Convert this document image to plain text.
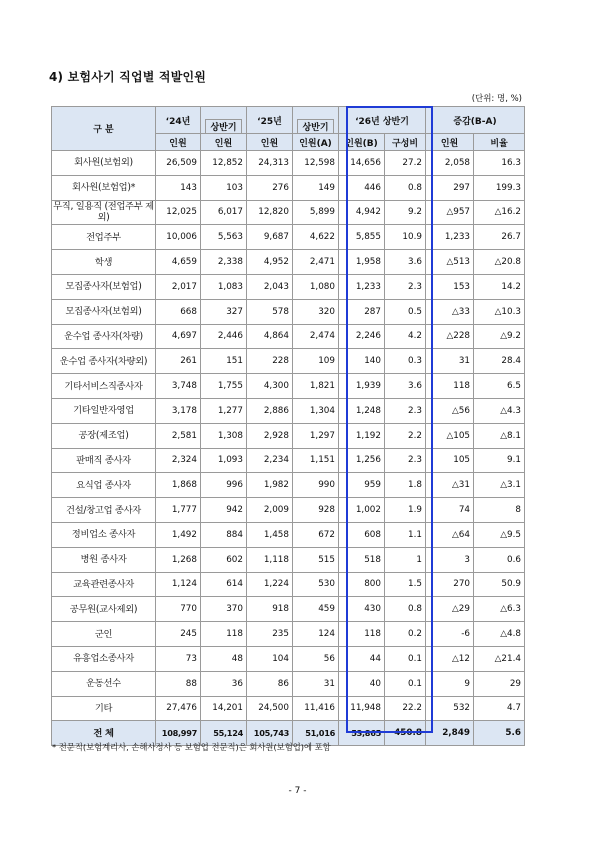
4) 보험사기 직업별 적발인원
(단위: 명, %)
구 분	‘24년	상반기	‘25년	상반기	‘26년 상반기		증감(B-A)	
	인원	인원	인원	인원(A)	인원(B)	구성비	인원	비율
회사원(보험외)	26,509	12,852	24,313	12,598	14,656	27.2	2,058	16.3
회사원(보험업)*	143	103	276	149	446	0.8	297	199.3
무직, 일용직 (전업주부 제외)	12,025	6,017	12,820	5,899	4,942	9.2	△957	△16.2
전업주부	10,006	5,563	9,687	4,622	5,855	10.9	1,233	26.7
학생	4,659	2,338	4,952	2,471	1,958	3.6	△513	△20.8
모집종사자(보험업)	2,017	1,083	2,043	1,080	1,233	2.3	153	14.2
모집종사자(보험외)	668	327	578	320	287	0.5	△33	△10.3
운수업 종사자(차량)	4,697	2,446	4,864	2,474	2,246	4.2	△228	△9.2
운수업 종사자(차량외)	261	151	228	109	140	0.3	31	28.4
기타서비스직종사자	3,748	1,755	4,300	1,821	1,939	3.6	118	6.5
기타일반자영업	3,178	1,277	2,886	1,304	1,248	2.3	△56	△4.3
공장(제조업)	2,581	1,308	2,928	1,297	1,192	2.2	△105	△8.1
판매직 종사자	2,324	1,093	2,234	1,151	1,256	2.3	105	9.1
요식업 종사자	1,868	996	1,982	990	959	1.8	△31	△3.1
건설/창고업 종사자	1,777	942	2,009	928	1,002	1.9	74	8
정비업소 종사자	1,492	884	1,458	672	608	1.1	△64	△9.5
병원 종사자	1,268	602	1,118	515	518	1	3	0.6
교육관련종사자	1,124	614	1,224	530	800	1.5	270	50.9
공무원(교사제외)	770	370	918	459	430	0.8	△29	△6.3
군인	245	118	235	124	118	0.2	-6	△4.8
유흥업소종사자	73	48	104	56	44	0.1	△12	△21.4
운동선수	88	36	86	31	40	0.1	9	29
기타	27,476	14,201	24,500	11,416	11,948	22.2	532	4.7
전 체	108,997	55,124	105,743	51,016	53,865	450.8	2,849	5.6
* 전문직(보험계리사, 손해사정사 등 보험업 전문직)은 회사원(보험업)에 포함
- 7 -
